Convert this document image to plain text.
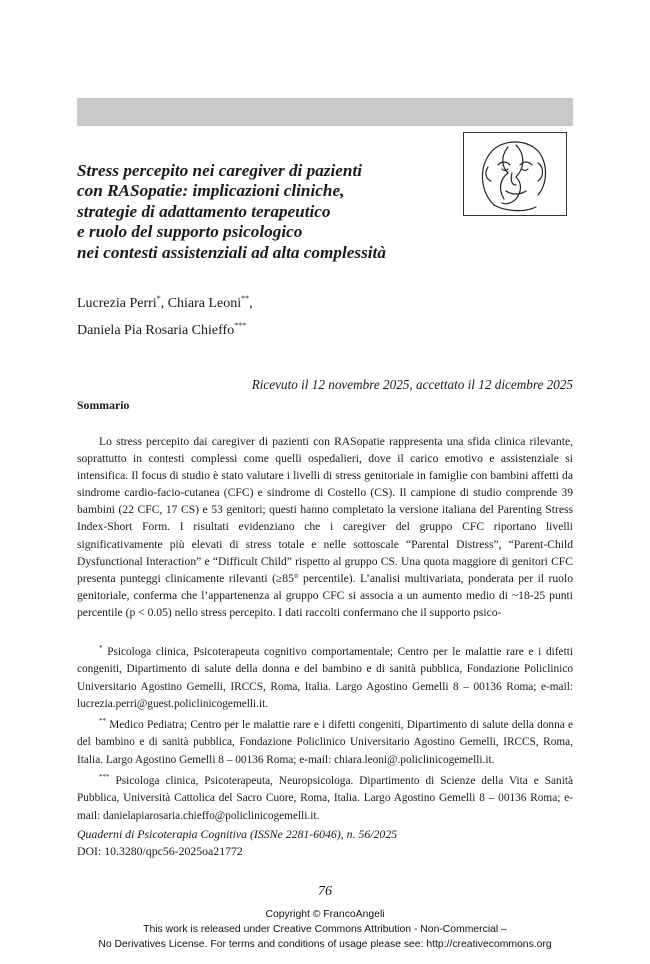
Stress percepito nei caregiver di pazienti
con RASopatie: implicazioni cliniche,
strategie di adattamento terapeutico
e ruolo del supporto psicologico
nei contesti assistenziali ad alta complessità
Lucrezia Perri*, Chiara Leoni**,
Daniela Pia Rosaria Chieffo***
Ricevuto il 12 novembre 2025, accettato il 12 dicembre 2025
Sommario

Lo stress percepito dai caregiver di pazienti con RASopatie rappresenta una sfida clinica rilevante, soprattutto in contesti complessi come quelli ospedalieri, dove il carico emotivo e assistenziale si intensifica. Il focus di studio è stato valutare i livelli di stress genitoriale in famiglie con bambini affetti da sindrome cardio-facio-cutanea (CFC) e sindrome di Costello (CS). Il campione di studio comprende 39 bambini (22 CFC, 17 CS) e 53 genitori; questi hanno completato la versione italiana del Parenting Stress Index-Short Form. I risultati evidenziano che i caregiver del gruppo CFC riportano livelli significativamente più elevati di stress totale e nelle sottoscale “Parental Distress”, “Parent-Child Dysfunctional Interaction” e “Difficult Child” rispetto al gruppo CS. Una quota maggiore di genitori CFC presenta punteggi clinicamente rilevanti (≥85° percentile). L’analisi multivariata, ponderata per il ruolo genitoriale, conferma che l’appartenenza al gruppo CFC si associa a un aumento medio di ~18-25 punti percentile (p < 0.05) nello stress percepito. I dati raccolti confermano che il supporto psico-

* Psicologa clinica, Psicoterapeuta cognitivo comportamentale; Centro per le malattie rare e i difetti congeniti, Dipartimento di salute della donna e del bambino e di sanità pubblica, Fondazione Policlinico Universitario Agostino Gemelli, IRCCS, Roma, Italia. Largo Agostino Gemelli 8 – 00136 Roma; e-mail: lucrezia.perri@guest.policlinicogemelli.it.

** Medico Pediatra; Centro per le malattie rare e i difetti congeniti, Dipartimento di salute della donna e del bambino e di sanità pubblica, Fondazione Policlinico Universitario Agostino Gemelli, IRCCS, Roma, Italia. Largo Agostino Gemelli 8 – 00136 Roma; e-mail: chiara.leoni@.policlinicogemelli.it.

*** Psicologa clinica, Psicoterapeuta, Neuropsicologa. Dipartimento di Scienze della Vita e Sanità Pubblica, Università Cattolica del Sacro Cuore, Roma, Italia. Largo Agostino Gemelli 8 – 00136 Roma; e-mail: danielapiarosaria.chieffo@policlinicogemelli.it.

Quaderni di Psicoterapia Cognitiva (ISSNe 2281-6046), n. 56/2025
DOI: 10.3280/qpc56-2025oa21772
76
Copyright © FrancoAngeli
This work is released under Creative Commons Attribution - Non-Commercial –
No Derivatives License. For terms and conditions of usage please see: http://creativecommons.org
